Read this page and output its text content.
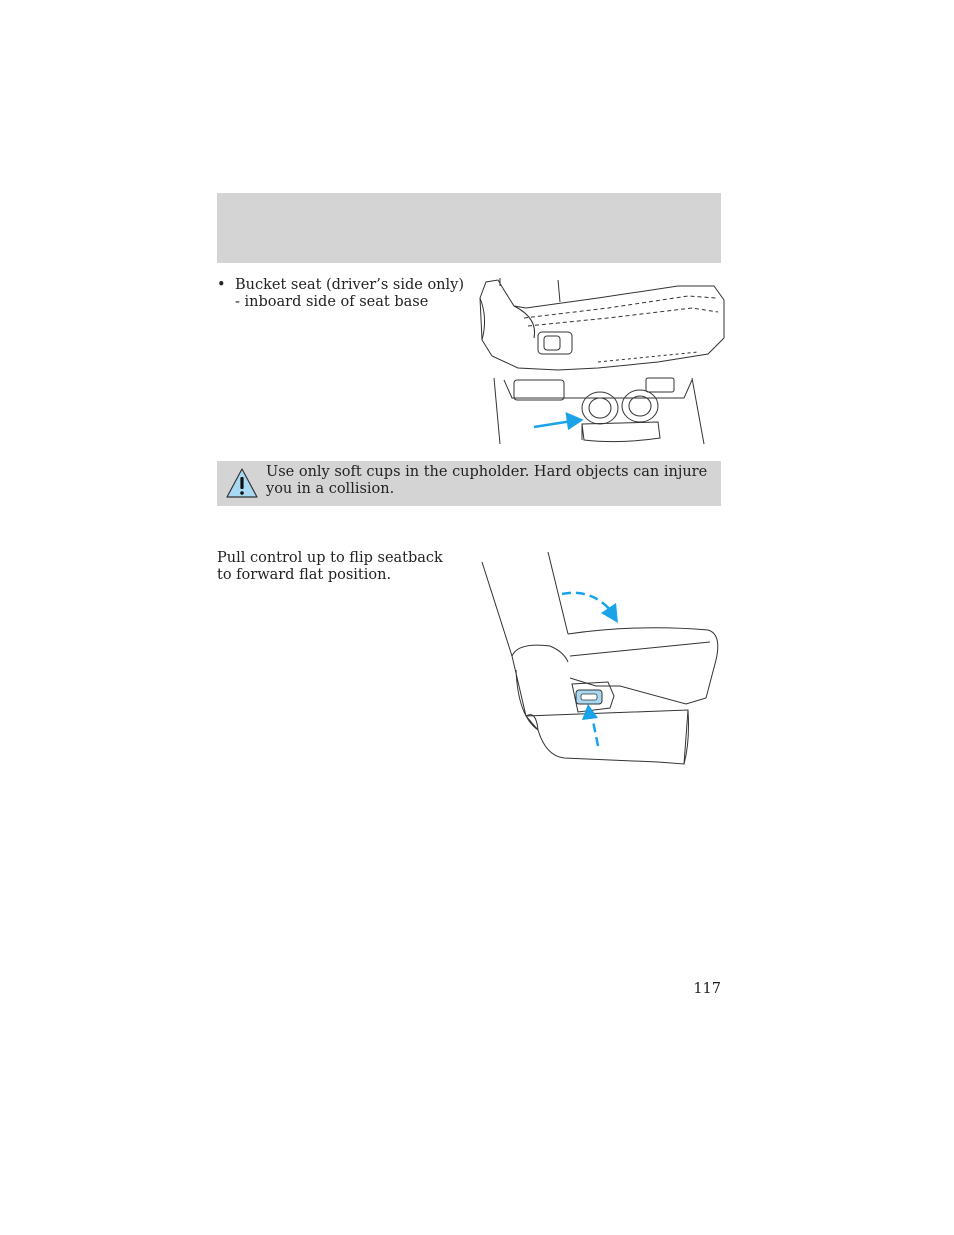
• Bucket seat (driver’s side only) - inboard side of seat base
Use only soft cups in the cupholder. Hard objects can injure you in a collision.
Pull control up to flip seatback to forward flat position.
117
